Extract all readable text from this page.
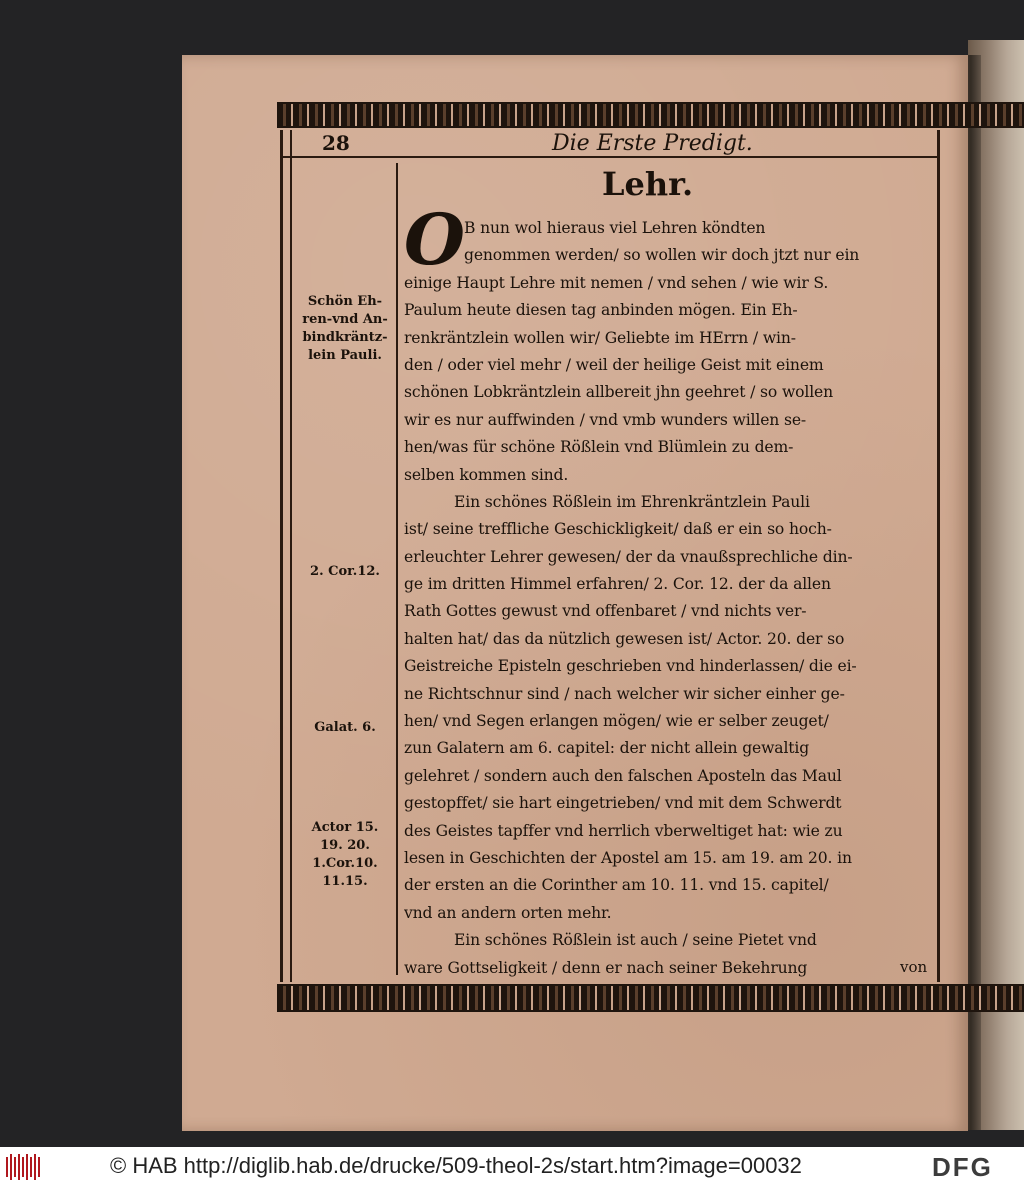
28	Die Erste Predigt.
Lehr.
Schön Eh-
ren-vnd An-
bindkräntz-
lein Pauli.
2. Cor.12.
Galat. 6.
Actor 15.
19. 20.
1.Cor.10.
11.15.
O B nun wol hieraus viel Lehren köndten
genommen werden/ so wollen wir doch jtzt nur ein
einige Haupt Lehre mit nemen / vnd sehen / wie wir S.
Paulum heute diesen tag anbinden mögen. Ein Eh-
renkräntzlein wollen wir/ Geliebte im HErrn / win-
den / oder viel mehr / weil der heilige Geist mit einem
schönen Lobkräntzlein allbereit jhn geehret / so wollen
wir es nur auffwinden / vnd vmb wunders willen se-
hen/was für schöne Rößlein vnd Blümlein zu dem-
selben kommen sind.
Ein schönes Rößlein im Ehrenkräntzlein Pauli
ist/ seine treffliche Geschickligkeit/ daß er ein so hoch-
erleuchter Lehrer gewesen/ der da vnaußsprechliche din-
ge im dritten Himmel erfahren/ 2. Cor. 12. der da allen
Rath Gottes gewust vnd offenbaret / vnd nichts ver-
halten hat/ das da nützlich gewesen ist/ Actor. 20. der so
Geistreiche Episteln geschrieben vnd hinderlassen/ die ei-
ne Richtschnur sind / nach welcher wir sicher einher ge-
hen/ vnd Segen erlangen mögen/ wie er selber zeuget/
zun Galatern am 6. capitel: der nicht allein gewaltig
gelehret / sondern auch den falschen Aposteln das Maul
gestopffet/ sie hart eingetrieben/ vnd mit dem Schwerdt
des Geistes tapffer vnd herrlich vberweltiget hat: wie zu
lesen in Geschichten der Apostel am 15. am 19. am 20. in
der ersten an die Corinther am 10. 11. vnd 15. capitel/
vnd an andern orten mehr.
Ein schönes Rößlein ist auch / seine Pietet vnd
ware Gottseligkeit / denn er nach seiner Bekehrung	von
© HAB http://diglib.hab.de/drucke/509-theol-2s/start.htm?image=00032	DFG
